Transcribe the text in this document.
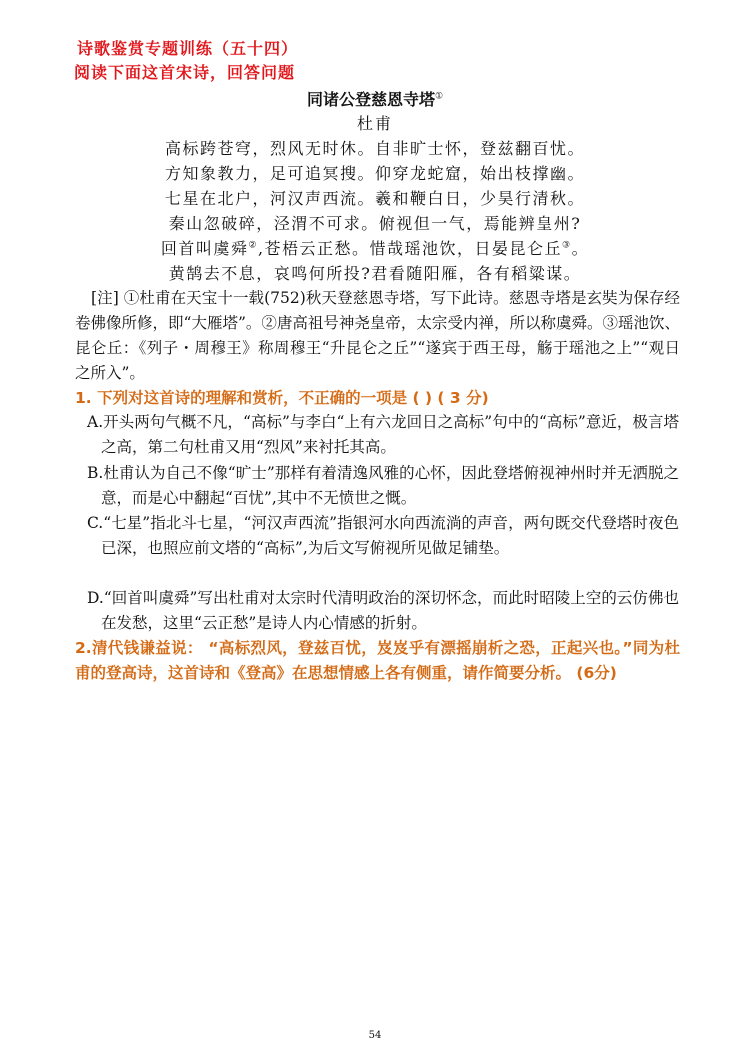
诗歌鉴赏专题训练（五十四）
阅读下面这首宋诗，回答问题
同诸公登慈恩寺塔①
杜甫
高标跨苍穹，烈风无时休。自非旷士怀，登兹翻百忧。
方知象教力，足可追冥搜。仰穿龙蛇窟，始出枝撑幽。
七星在北户，河汉声西流。羲和鞭白日，少昊行清秋。
秦山忽破碎，泾渭不可求。俯视但一气，焉能辨皇州?
回首叫虞舜②,苍梧云正愁。惜哉瑶池饮，日晏昆仑丘③。
黄鹄去不息，哀鸣何所投?君看随阳雁，各有稻粱谋。
[注] ①杜甫在天宝十一载(752)秋天登慈恩寺塔，写下此诗。慈恩寺塔是玄奘为保存经卷佛像所修，即“大雁塔”。②唐高祖号神尧皇帝，太宗受内禅，所以称虞舜。③瑶池饮、昆仑丘：《列子・周穆王》称周穆王“升昆仑之丘”“遂宾于西王母，觞于瑶池之上”“观日之所入”。
1. 下列对这首诗的理解和赏析，不正确的一项是 ( ) ( 3 分)
A.开头两句气概不凡，“高标”与李白“上有六龙回日之高标”句中的“高标”意近，极言塔之高，第二句杜甫又用“烈风”来衬托其高。
B.杜甫认为自己不像“旷士”那样有着清逸风雅的心怀，因此登塔俯视神州时并无洒脱之意，而是心中翻起“百忧”,其中不无愤世之慨。
C.“七星”指北斗七星，“河汉声西流”指银河水向西流淌的声音，两句既交代登塔时夜色已深，也照应前文塔的“高标”,为后文写俯视所见做足铺垫。
D.“回首叫虞舜”写出杜甫对太宗时代清明政治的深切怀念，而此时昭陵上空的云仿佛也在发愁，这里“云正愁”是诗人内心情感的折射。
2.清代钱谦益说： “高标烈风，登兹百忧，岌岌乎有漂摇崩析之恐，正起兴也。”同为杜甫的登高诗，这首诗和《登高》在思想情感上各有侧重，请作简要分析。 (6分)
54
